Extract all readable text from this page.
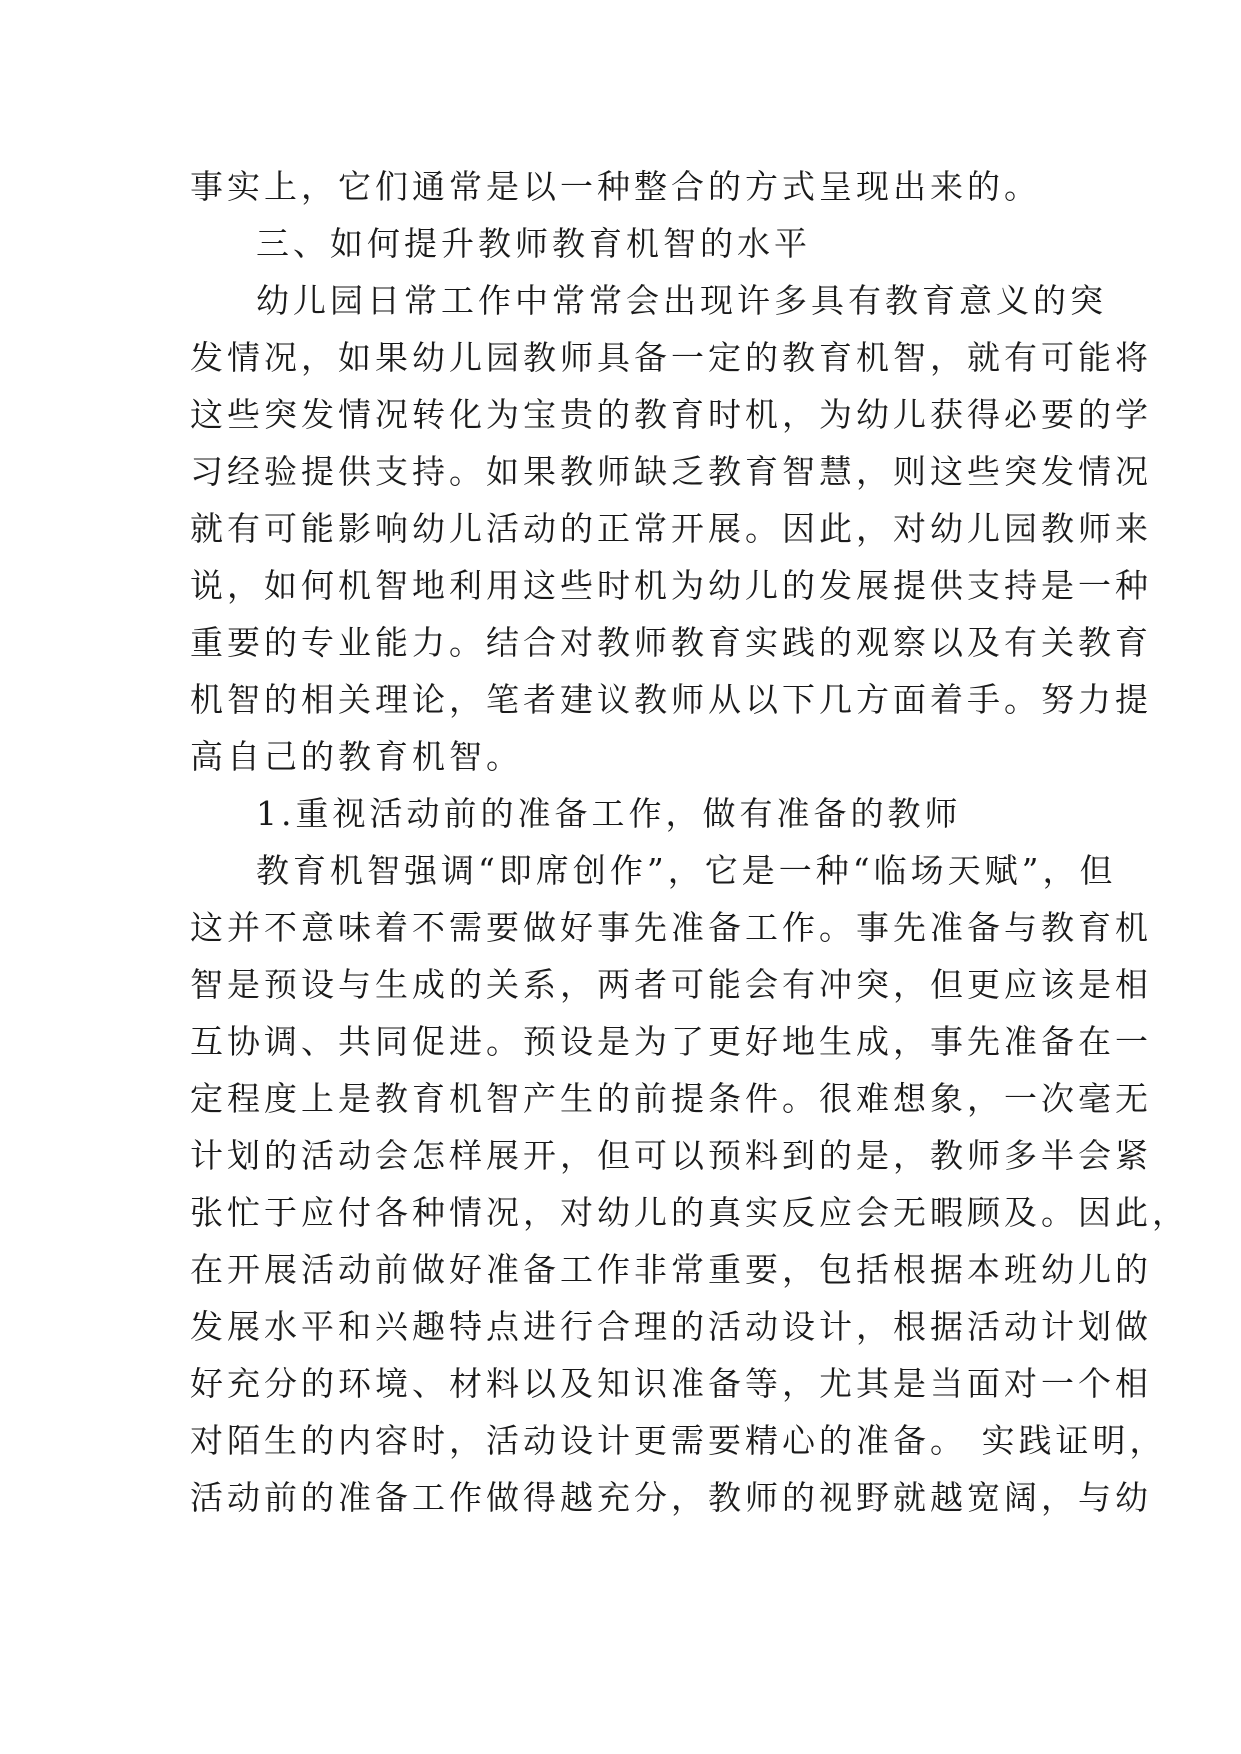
事实上，它们通常是以一种整合的方式呈现出来的。
三、如何提升教师教育机智的水平
幼儿园日常工作中常常会出现许多具有教育意义的突
发情况，如果幼儿园教师具备一定的教育机智，就有可能将
这些突发情况转化为宝贵的教育时机，为幼儿获得必要的学
习经验提供支持。如果教师缺乏教育智慧，则这些突发情况
就有可能影响幼儿活动的正常开展。因此，对幼儿园教师来
说，如何机智地利用这些时机为幼儿的发展提供支持是一种
重要的专业能力。结合对教师教育实践的观察以及有关教育
机智的相关理论，笔者建议教师从以下几方面着手。努力提
高自己的教育机智。
1.重视活动前的准备工作，做有准备的教师
教育机智强调“即席创作”，它是一种“临场天赋”，但
这并不意味着不需要做好事先准备工作。事先准备与教育机
智是预设与生成的关系，两者可能会有冲突，但更应该是相
互协调、共同促进。预设是为了更好地生成，事先准备在一
定程度上是教育机智产生的前提条件。很难想象，一次毫无
计划的活动会怎样展开，但可以预料到的是，教师多半会紧
张忙于应付各种情况，对幼儿的真实反应会无暇顾及。因此，
在开展活动前做好准备工作非常重要，包括根据本班幼儿的
发展水平和兴趣特点进行合理的活动设计，根据活动计划做
好充分的环境、材料以及知识准备等，尤其是当面对一个相
对陌生的内容时，活动设计更需要精心的准备。 实践证明，
活动前的准备工作做得越充分，教师的视野就越宽阔，与幼
